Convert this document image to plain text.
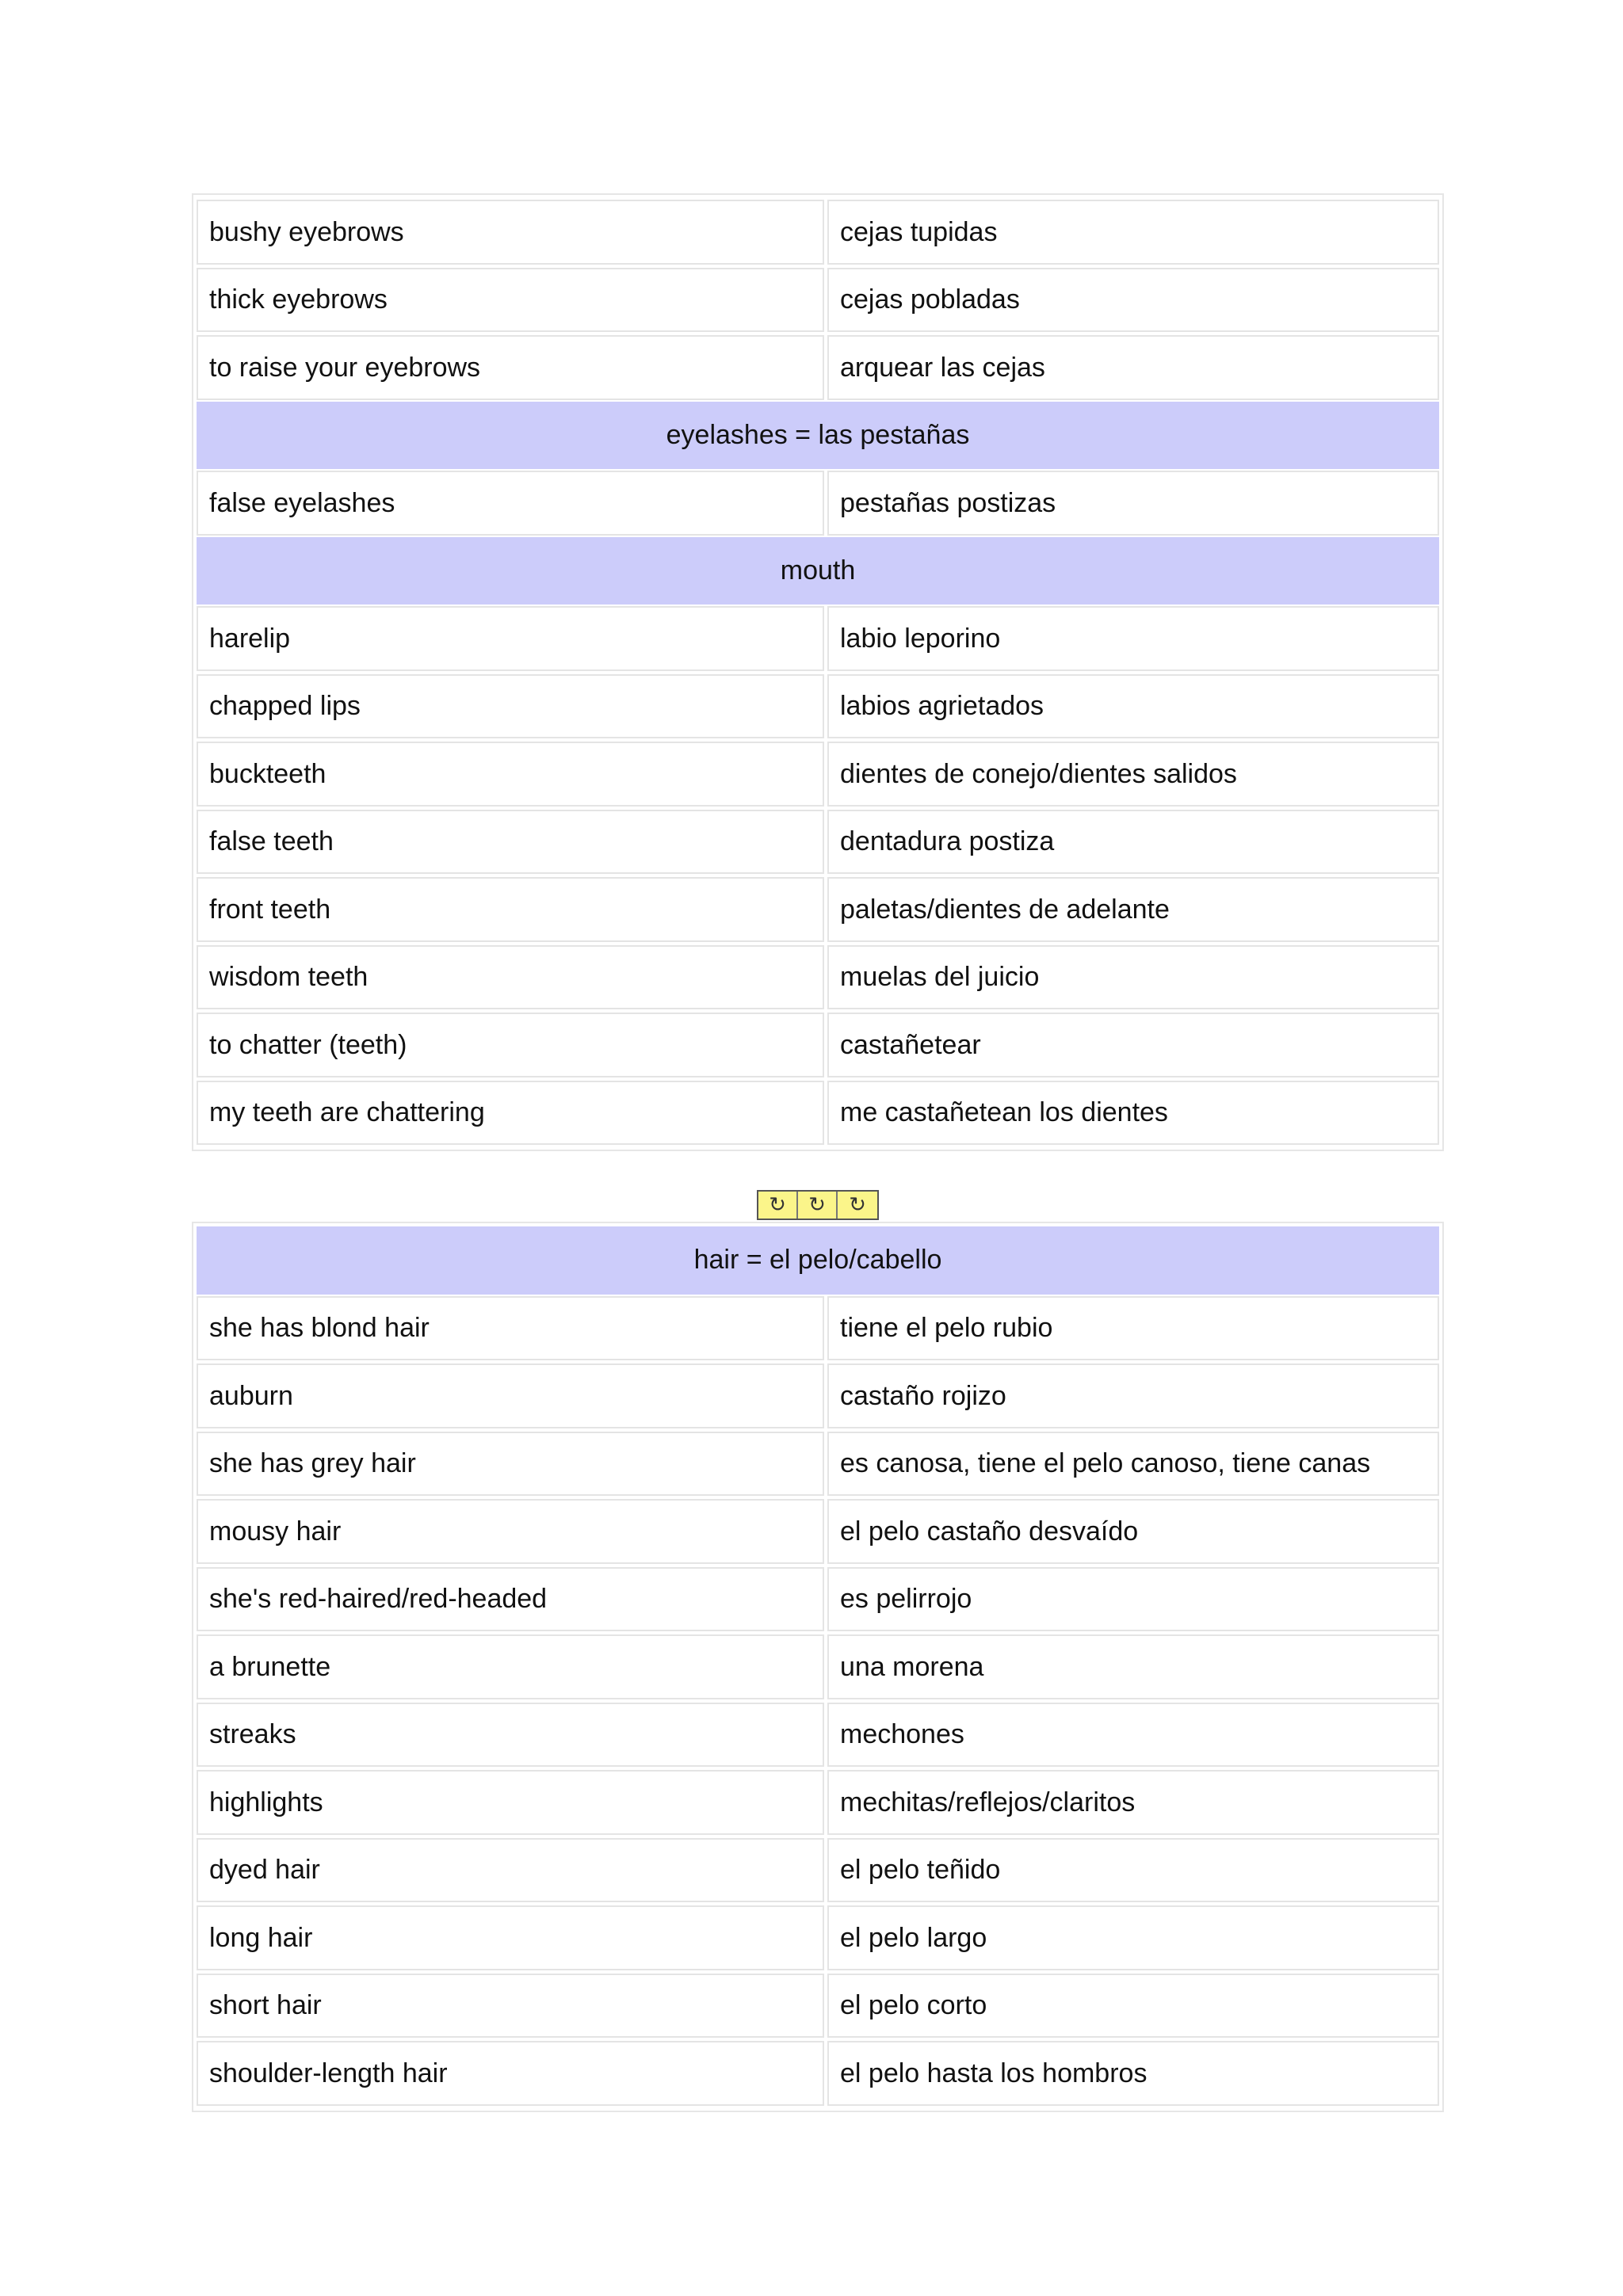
bushy eyebrows	cejas tupidas
thick eyebrows	cejas pobladas
to raise your eyebrows	arquear las cejas
eyelashes = las pestañas
false eyelashes	pestañas postizas
mouth
harelip	labio leporino
chapped lips	labios agrietados
buckteeth	dientes de conejo/dientes salidos
false teeth	dentadura postiza
front teeth	paletas/dientes de adelante
wisdom teeth	muelas del juicio
to chatter (teeth)	castañetear
my teeth are chattering	me castañetean los dientes
↻	↻	↻
hair = el pelo/cabello
she has blond hair	tiene el pelo rubio
auburn	castaño rojizo
she has grey hair	es canosa, tiene el pelo canoso, tiene canas
mousy hair	el pelo castaño desvaído
she's red-haired/red-headed	es pelirrojo
a brunette	una morena
streaks	mechones
highlights	mechitas/reflejos/claritos
dyed hair	el pelo teñido
long hair	el pelo largo
short hair	el pelo corto
shoulder-length hair	el pelo hasta los hombros
